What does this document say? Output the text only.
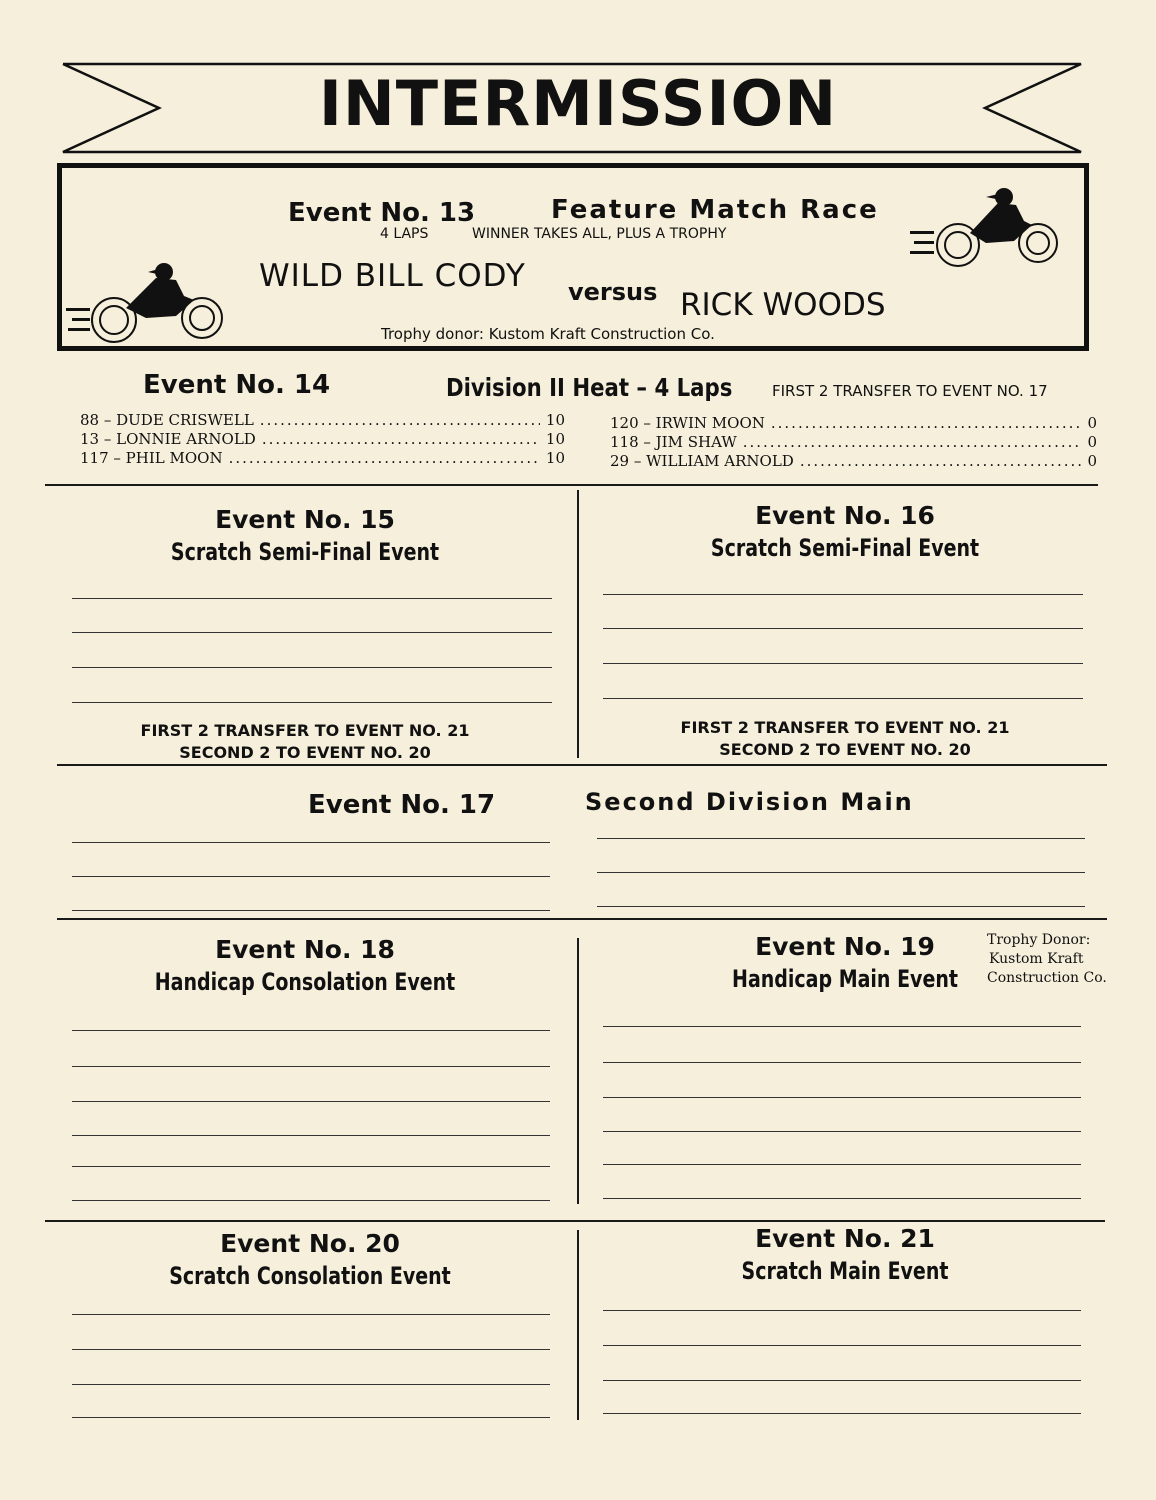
INTERMISSION
Event No. 13	Feature Match Race
4 LAPS	WINNER TAKES ALL, PLUS A TROPHY
WILD BILL CODY versus RICK WOODS
Trophy donor: Kustom Kraft Construction Co.
Event No. 14	Division II Heat – 4 Laps	FIRST 2 TRANSFER TO EVENT NO. 17
88 – DUDE CRISWELL .....	10
13 – LONNIE ARNOLD .....	10
117 – PHIL MOON .....	10
120 – IRWIN MOON .....	0
118 – JIM SHAW .....	0
29 – WILLIAM ARNOLD .....	0
Event No. 15
Scratch Semi-Final Event
Event No. 16
Scratch Semi-Final Event
FIRST 2 TRANSFER TO EVENT NO. 21
SECOND 2 TO EVENT NO. 20
FIRST 2 TRANSFER TO EVENT NO. 21
SECOND 2 TO EVENT NO. 20
Event No. 17	Second Division Main
Event No. 18
Handicap Consolation Event
Event No. 19
Handicap Main Event
Trophy Donor:
Kustom Kraft
Construction Co.
Event No. 20
Scratch Consolation Event
Event No. 21
Scratch Main Event
